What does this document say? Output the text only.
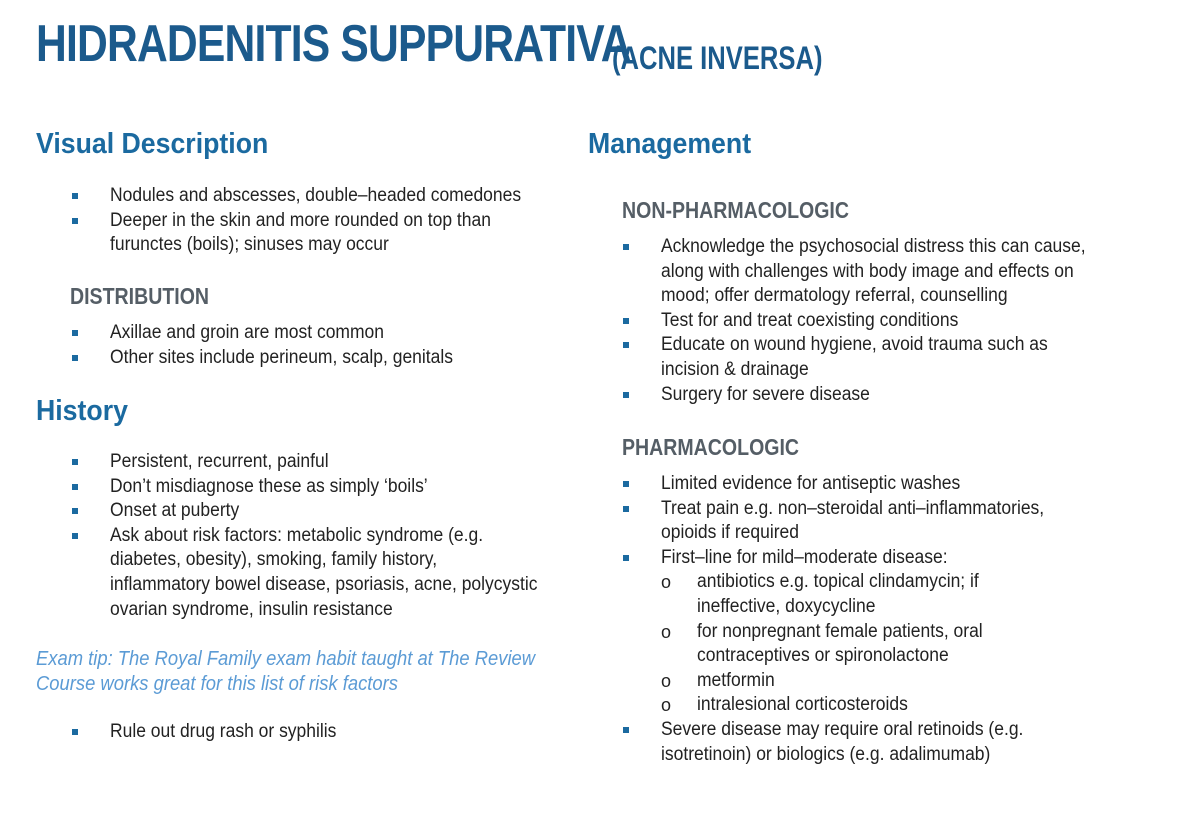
HIDRADENITIS SUPPURATIVA
(ACNE INVERSA)
Visual Description
Nodules and abscesses, double–headed comedones
Deeper in the skin and more rounded on top than
furunctes (boils); sinuses may occur
DISTRIBUTION
Axillae and groin are most common
Other sites include perineum, scalp, genitals
History
Persistent, recurrent, painful
Don’t misdiagnose these as simply ‘boils’
Onset at puberty
Ask about risk factors: metabolic syndrome (e.g.
diabetes, obesity), smoking, family history,
inflammatory bowel disease, psoriasis, acne, polycystic
ovarian syndrome, insulin resistance
Exam tip: The Royal Family exam habit taught at The Review
Course works great for this list of risk factors
Rule out drug rash or syphilis
Management
NON-PHARMACOLOGIC
Acknowledge the psychosocial distress this can cause,
along with challenges with body image and effects on
mood; offer dermatology referral, counselling
Test for and treat coexisting conditions
Educate on wound hygiene, avoid trauma such as
incision & drainage
Surgery for severe disease
PHARMACOLOGIC
Limited evidence for antiseptic washes
Treat pain e.g. non–steroidal anti–inflammatories,
opioids if required
First–line for mild–moderate disease:
o antibiotics e.g. topical clindamycin; if
ineffective, doxycycline
o for nonpregnant female patients, oral
contraceptives or spironolactone
o metformin
o intralesional corticosteroids
Severe disease may require oral retinoids (e.g.
isotretinoin) or biologics (e.g. adalimumab)
